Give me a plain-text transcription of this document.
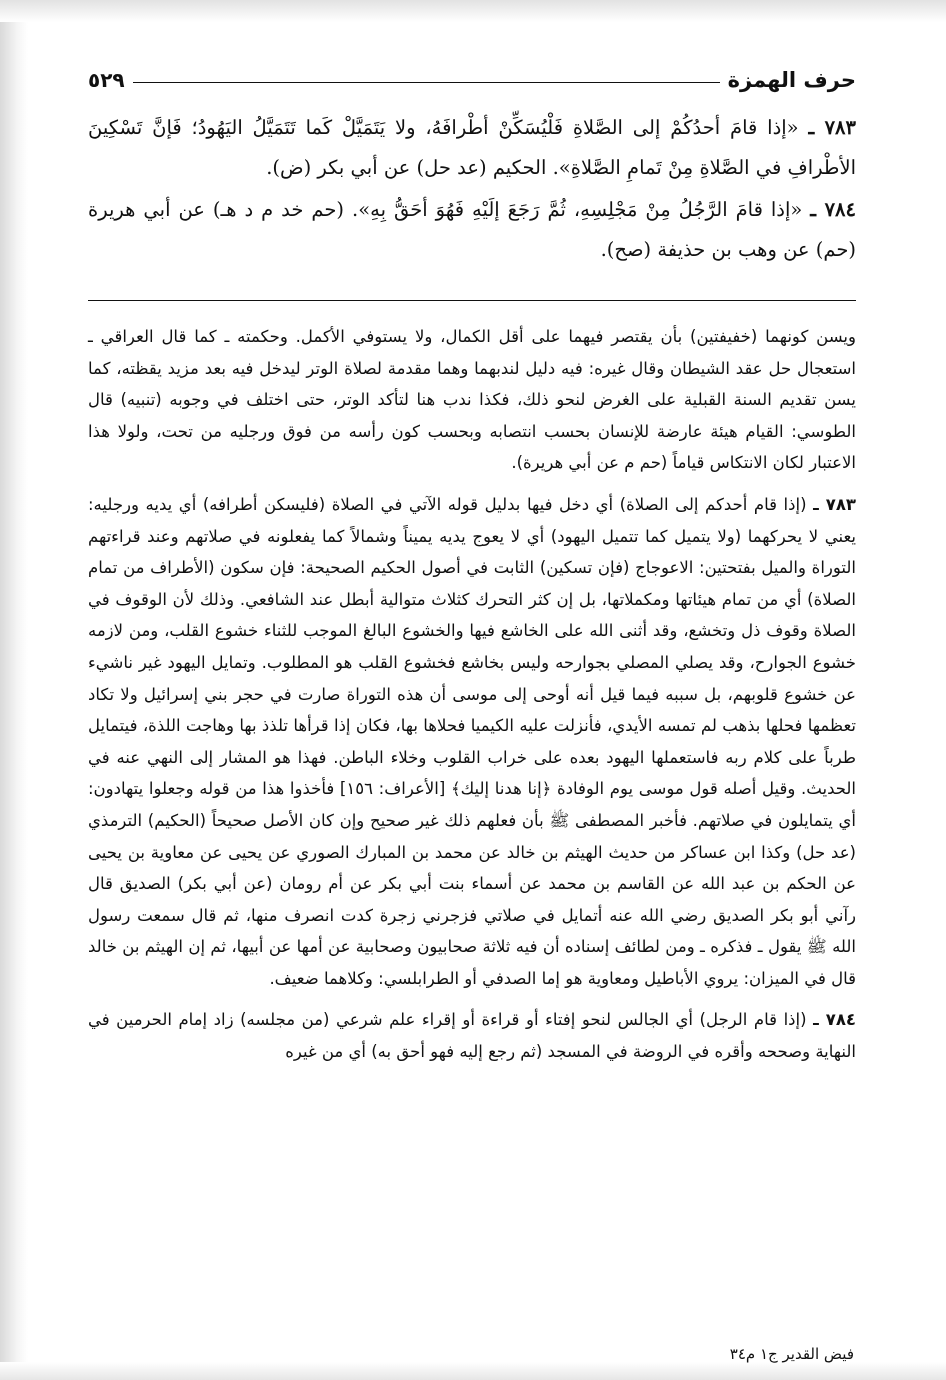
حرف الهمزة
٥٢٩

٧٨٣ ـ «إذا قامَ أحدُكُمْ إلى الصَّلاةِ فَلْيُسَكِّنْ أطْرافَهُ، ولا يَتَمَيَّلْ كَما تَتَمَيَّلُ اليَهُودُ؛ فَإنَّ تَسْكِينَ الأطْرافِ في الصَّلاةِ مِنْ تَمامِ الصَّلاةِ». الحكيم (عد حل) عن أبي بكر (ض).

٧٨٤ ـ «إذا قامَ الرَّجُلُ مِنْ مَجْلِسِهِ، ثُمَّ رَجَعَ إلَيْهِ فَهُوَ أحَقُّ بِهِ». (حم خد م د هـ) عن أبي هريرة (حم) عن وهب بن حذيفة (صح).

ويسن كونهما (خفيفتين) بأن يقتصر فيهما على أقل الكمال، ولا يستوفي الأكمل. وحكمته ـ كما قال العراقي ـ استعجال حل عقد الشيطان وقال غيره: فيه دليل لندبهما وهما مقدمة لصلاة الوتر ليدخل فيه بعد مزيد يقظته، كما يسن تقديم السنة القبلية على الغرض لنحو ذلك، فكذا ندب هنا لتأكد الوتر، حتى اختلف في وجوبه (تنبيه) قال الطوسي: القيام هيئة عارضة للإنسان بحسب انتصابه وبحسب كون رأسه من فوق ورجليه من تحت، ولولا هذا الاعتبار لكان الانتكاس قياماً (حم م عن أبي هريرة).

٧٨٣ ـ (إذا قام أحدكم إلى الصلاة) أي دخل فيها بدليل قوله الآتي في الصلاة (فليسكن أطرافه) أي يديه ورجليه: يعني لا يحركهما (ولا يتميل كما تتميل اليهود) أي لا يعوج يديه يميناً وشمالاً كما يفعلونه في صلاتهم وعند قراءتهم التوراة والميل بفتحتين: الاعوجاج (فإن تسكين) الثابت في أصول الحكيم الصحيحة: فإن سكون (الأطراف من تمام الصلاة) أي من تمام هيئاتها ومكملاتها، بل إن كثر التحرك كثلاث متوالية أبطل عند الشافعي. وذلك لأن الوقوف في الصلاة وقوف ذل وتخشع، وقد أثنى الله على الخاشع فيها والخشوع البالغ الموجب للثناء خشوع القلب، ومن لازمه خشوع الجوارح، وقد يصلي المصلي بجوارحه وليس بخاشع فخشوع القلب هو المطلوب. وتمايل اليهود غير ناشيء عن خشوع قلوبهم، بل سببه فيما قيل أنه أوحى إلى موسى أن هذه التوراة صارت في حجر بني إسرائيل ولا تكاد تعظمها فحلها بذهب لم تمسه الأيدي، فأنزلت عليه الكيميا فحلاها بها، فكان إذا قرأها تلذذ بها وهاجت اللذة، فيتمايل طرباً على كلام ربه فاستعملها اليهود بعده على خراب القلوب وخلاء الباطن. فهذا هو المشار إلى النهي عنه في الحديث. وقيل أصله قول موسى يوم الوفادة ﴿إنا هدنا إليك﴾ [الأعراف: ١٥٦] فأخذوا هذا من قوله وجعلوا يتهادون: أي يتمايلون في صلاتهم. فأخبر المصطفى ﷺ بأن فعلهم ذلك غير صحيح وإن كان الأصل صحيحاً (الحكيم) الترمذي (عد حل) وكذا ابن عساكر من حديث الهيثم بن خالد عن محمد بن المبارك الصوري عن يحيى عن معاوية بن يحيى عن الحكم بن عبد الله عن القاسم بن محمد عن أسماء بنت أبي بكر عن أم رومان (عن أبي بكر) الصديق قال رآني أبو بكر الصديق رضي الله عنه أتمايل في صلاتي فزجرني زجرة كدت انصرف منها، ثم قال سمعت رسول الله ﷺ يقول ـ فذكره ـ ومن لطائف إسناده أن فيه ثلاثة صحابيون وصحابية عن أمها عن أبيها، ثم إن الهيثم بن خالد قال في الميزان: يروي الأباطيل ومعاوية هو إما الصدفي أو الطرابلسي: وكلاهما ضعيف.

٧٨٤ ـ (إذا قام الرجل) أي الجالس لنحو إفتاء أو قراءة أو إقراء علم شرعي (من مجلسه) زاد إمام الحرمين في النهاية وصححه وأقره في الروضة في المسجد (ثم رجع إليه فهو أحق به) أي من غيره

فيض القدير ج١ م٣٤
